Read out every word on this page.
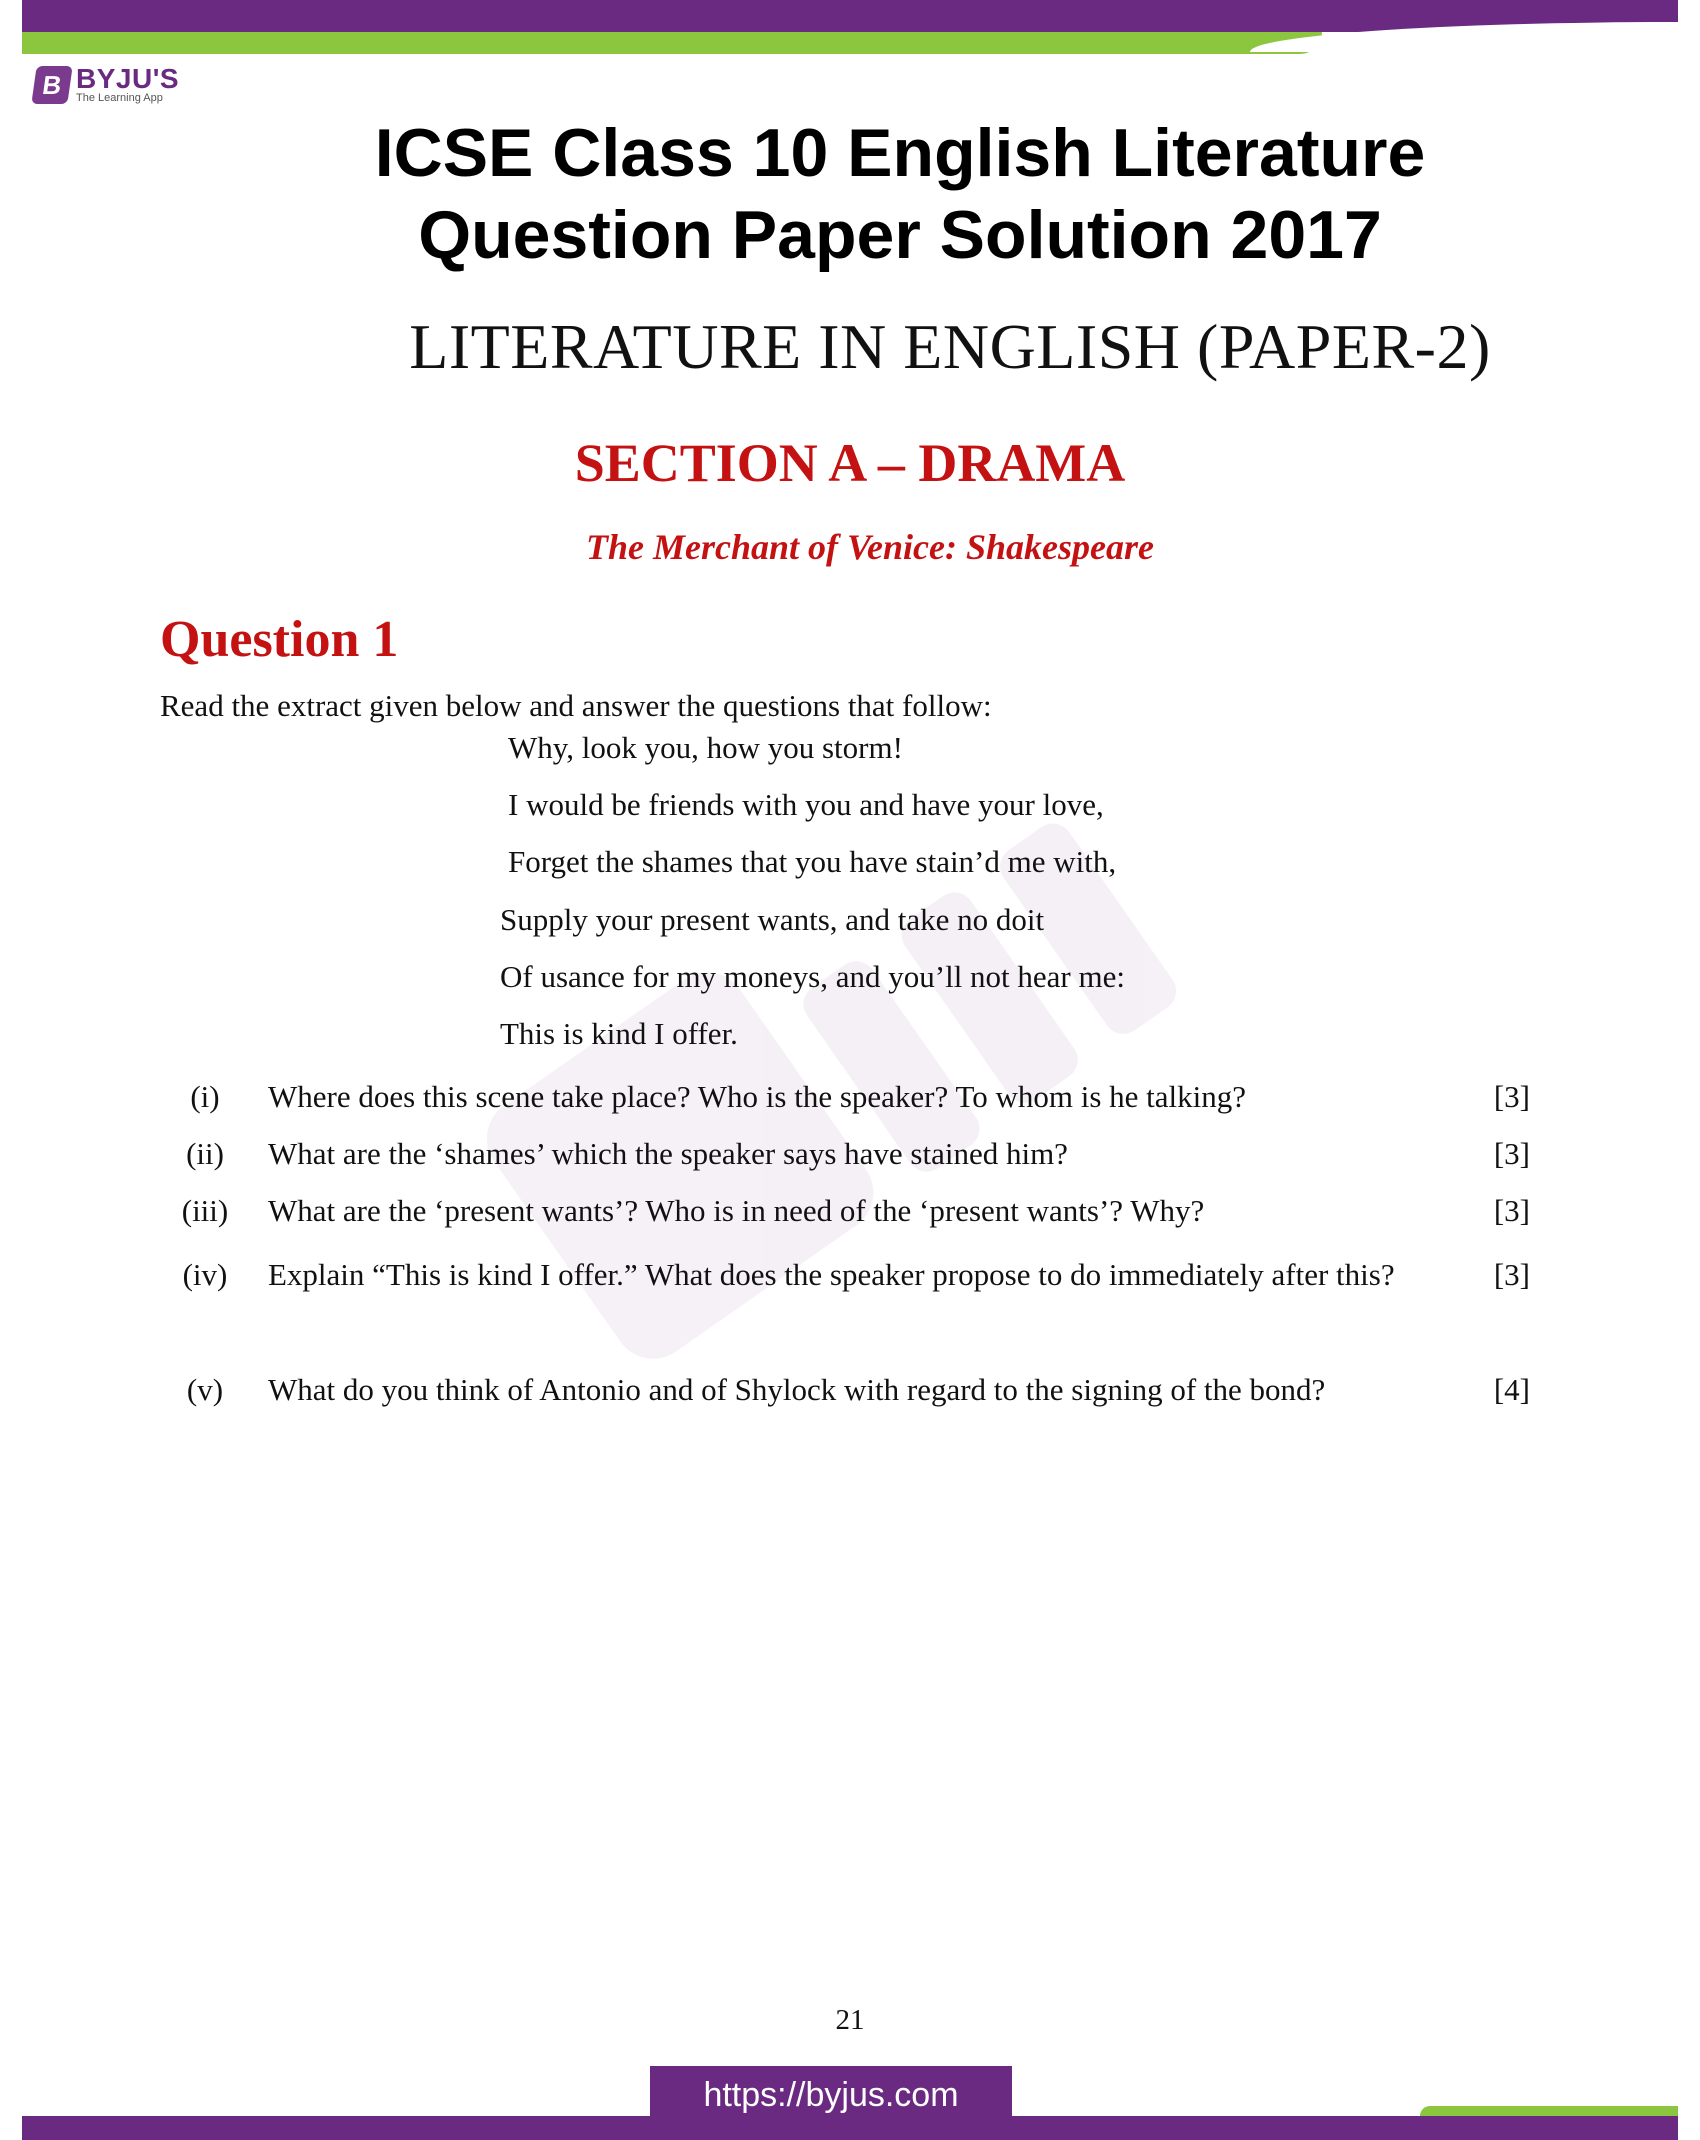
B BYJU'S
The Learning App
ICSE Class 10 English Literature
Question Paper Solution 2017
LITERATURE IN ENGLISH (PAPER-2)
SECTION A – DRAMA
The Merchant of Venice: Shakespeare
Question 1
Read the extract given below and answer the questions that follow:
Why, look you, how you storm!
I would be friends with you and have your love,
Forget the shames that you have stain’d me with,
Supply your present wants, and take no doit
Of usance for my moneys, and you’ll not hear me:
This is kind I offer.
(i)	Where does this scene take place? Who is the speaker? To whom is he talking?	[3]
(ii)	What are the ‘shames’ which the speaker says have stained him?	[3]
(iii)	What are the ‘present wants’? Who is in need of the ‘present wants’? Why?	[3]
(iv)	Explain “This is kind I offer.” What does the speaker propose to do immediately after this?	[3]
(v)	What do you think of Antonio and of Shylock with regard to the signing of the bond?	[4]
21
https://byjus.com
